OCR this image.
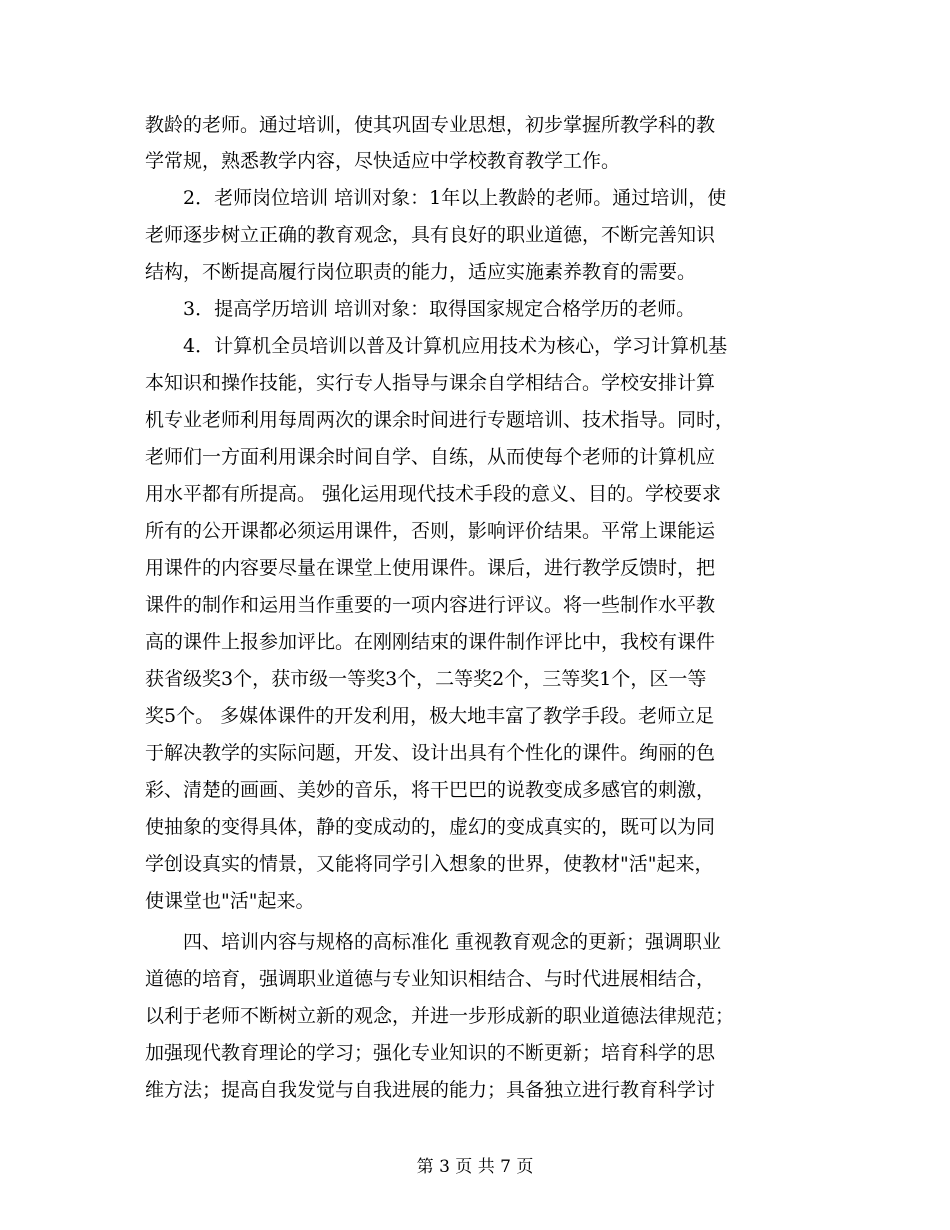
教龄的老师。通过培训，使其巩固专业思想，初步掌握所教学科的教
学常规，熟悉教学内容，尽快适应中学校教育教学工作。
　　2．老师岗位培训 培训对象：1年以上教龄的老师。通过培训，使
老师逐步树立正确的教育观念，具有良好的职业道德，不断完善知识
结构，不断提高履行岗位职责的能力，适应实施素养教育的需要。
　　3．提高学历培训 培训对象：取得国家规定合格学历的老师。
　　4．计算机全员培训以普及计算机应用技术为核心，学习计算机基
本知识和操作技能，实行专人指导与课余自学相结合。学校安排计算
机专业老师利用每周两次的课余时间进行专题培训、技术指导。同时，
老师们一方面利用课余时间自学、自练，从而使每个老师的计算机应
用水平都有所提高。 强化运用现代技术手段的意义、目的。学校要求
所有的公开课都必须运用课件，否则，影响评价结果。平常上课能运
用课件的内容要尽量在课堂上使用课件。课后，进行教学反馈时，把
课件的制作和运用当作重要的一项内容进行评议。将一些制作水平教
高的课件上报参加评比。在刚刚结束的课件制作评比中，我校有课件
获省级奖3个，获市级一等奖3个，二等奖2个，三等奖1个，区一等
奖5个。 多媒体课件的开发利用，极大地丰富了教学手段。老师立足
于解决教学的实际问题，开发、设计出具有个性化的课件。绚丽的色
彩、清楚的画画、美妙的音乐，将干巴巴的说教变成多感官的刺激，
使抽象的变得具体，静的变成动的，虚幻的变成真实的，既可以为同
学创设真实的情景，又能将同学引入想象的世界，使教材"活"起来，
使课堂也"活"起来。
　　四、培训内容与规格的高标准化 重视教育观念的更新；强调职业
道德的培育，强调职业道德与专业知识相结合、与时代进展相结合，
以利于老师不断树立新的观念，并进一步形成新的职业道德法律规范；
加强现代教育理论的学习；强化专业知识的不断更新；培育科学的思
维方法；提高自我发觉与自我进展的能力；具备独立进行教育科学讨
第 3 页 共 7 页
